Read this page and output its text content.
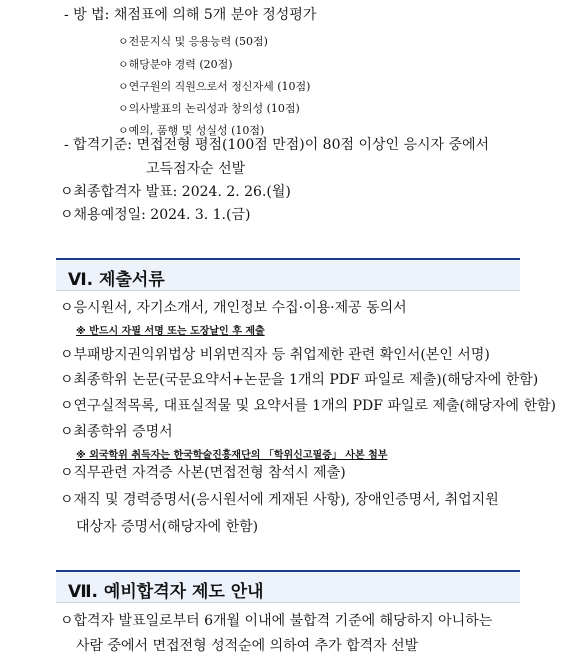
- 방 법: 채점표에 의해 5개 분야 정성평가
ㅇ전문지식 및 응용능력 (50점)
ㅇ해당분야 경력 (20점)
ㅇ연구원의 직원으로서 정신자세 (10점)
ㅇ의사발표의 논리성과 창의성 (10점)
ㅇ예의, 품행 및 성실성 (10점)
- 합격기준: 면접전형 평점(100점 만점)이 80점 이상인 응시자 중에서
고득점자순 선발
ㅇ최종합격자 발표: 2024. 2. 26.(월)
ㅇ채용예정일: 2024. 3. 1.(금)
Ⅵ. 제출서류
ㅇ응시원서, 자기소개서, 개인정보 수집·이용·제공 동의서
※ 반드시 자필 서명 또는 도장날인 후 제출
ㅇ부패방지권익위법상 비위면직자 등 취업제한 관련 확인서(본인 서명)
ㅇ최종학위 논문(국문요약서+논문을 1개의 PDF 파일로 제출)(해당자에 한함)
ㅇ연구실적목록, 대표실적물 및 요약서를 1개의 PDF 파일로 제출(해당자에 한함)
ㅇ최종학위 증명서
※ 외국학위 취득자는 한국학술진흥재단의 「학위신고필증」 사본 첨부
ㅇ직무관련 자격증 사본(면접전형 참석시 제출)
ㅇ재직 및 경력증명서(응시원서에 게재된 사항), 장애인증명서, 취업지원
대상자 증명서(해당자에 한함)
Ⅶ. 예비합격자 제도 안내
ㅇ합격자 발표일로부터 6개월 이내에 불합격 기준에 해당하지 아니하는
사람 중에서 면접전형 성적순에 의하여 추가 합격자 선발
